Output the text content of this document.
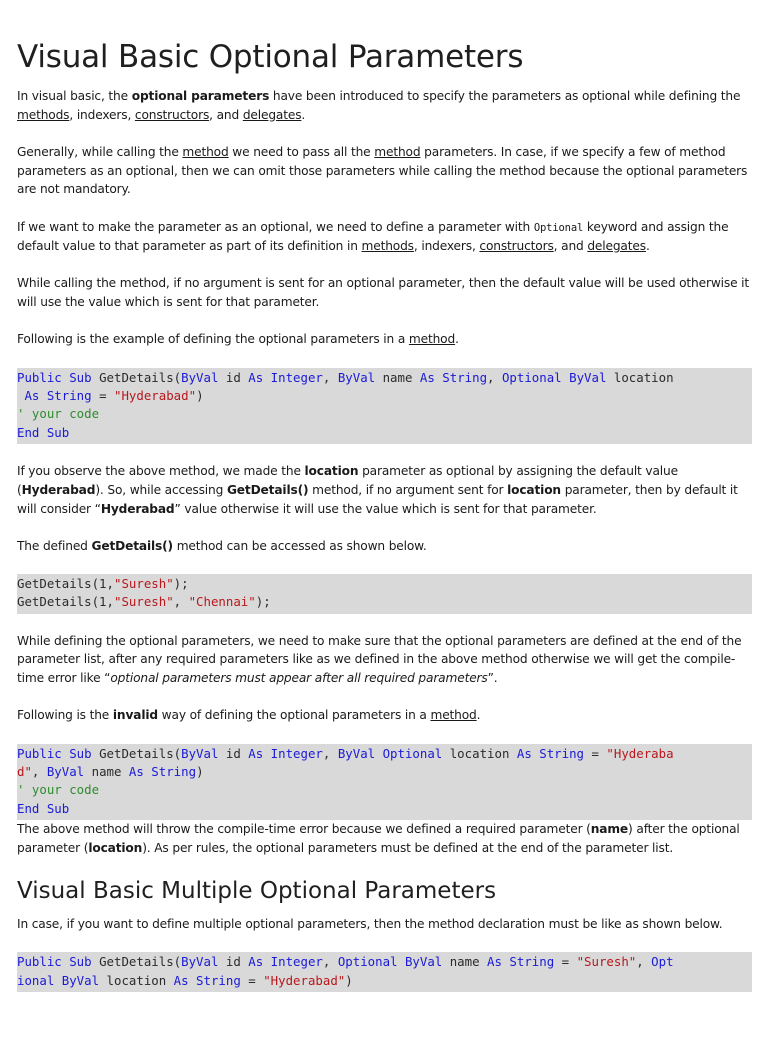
Visual Basic Optional Parameters

In visual basic, the optional parameters have been introduced to specify the parameters as optional while defining the methods, indexers, constructors, and delegates.

Generally, while calling the method we need to pass all the method parameters. In case, if we specify a few of method parameters as an optional, then we can omit those parameters while calling the method because the optional parameters are not mandatory.

If we want to make the parameter as an optional, we need to define a parameter with Optional keyword and assign the default value to that parameter as part of its definition in methods, indexers, constructors, and delegates.

While calling the method, if no argument is sent for an optional parameter, then the default value will be used otherwise it will use the value which is sent for that parameter.

Following is the example of defining the optional parameters in a method.

Public Sub GetDetails(ByVal id As Integer, ByVal name As String, Optional ByVal location
As String = "Hyderabad")
' your code
End Sub

If you observe the above method, we made the location parameter as optional by assigning the default value (Hyderabad). So, while accessing GetDetails() method, if no argument sent for location parameter, then by default it will consider “Hyderabad” value otherwise it will use the value which is sent for that parameter.

The defined GetDetails() method can be accessed as shown below.

GetDetails(1,"Suresh");
GetDetails(1,"Suresh", "Chennai");

While defining the optional parameters, we need to make sure that the optional parameters are defined at the end of the parameter list, after any required parameters like as we defined in the above method otherwise we will get the compile-time error like “optional parameters must appear after all required parameters”.

Following is the invalid way of defining the optional parameters in a method.

Public Sub GetDetails(ByVal id As Integer, ByVal Optional location As String = "Hyderaba
d", ByVal name As String)
' your code
End Sub

The above method will throw the compile-time error because we defined a required parameter (name) after the optional parameter (location). As per rules, the optional parameters must be defined at the end of the parameter list.

Visual Basic Multiple Optional Parameters

In case, if you want to define multiple optional parameters, then the method declaration must be like as shown below.

Public Sub GetDetails(ByVal id As Integer, Optional ByVal name As String = "Suresh", Opt
ional ByVal location As String = "Hyderabad")
